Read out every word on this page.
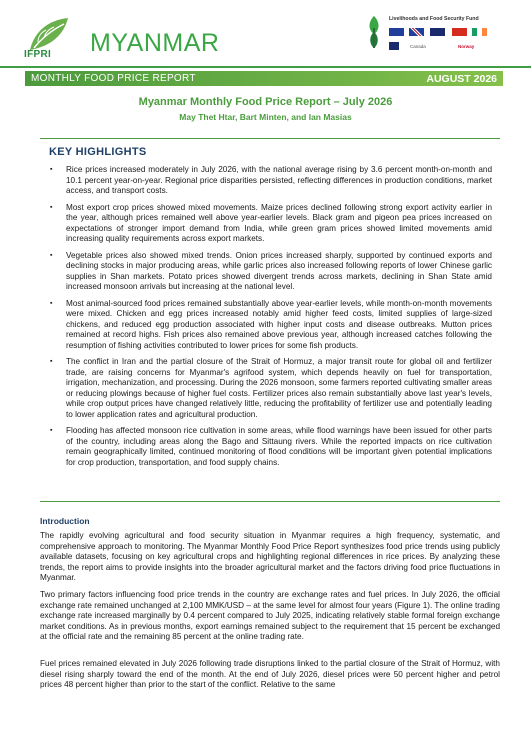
IFPRI MYANMAR
Livelihoods and Food Security Fund
Canada	Norway
MONTHLY FOOD PRICE REPORT	AUGUST 2026
Myanmar Monthly Food Price Report – July 2026
May Thet Htar, Bart Minten, and Ian Masias
KEY HIGHLIGHTS
▪ Rice prices increased moderately in July 2026, with the national average rising by 3.6 percent month-on-month and 10.1 percent year-on-year. Regional price disparities persisted, reflecting differences in production conditions, market access, and transport costs.
▪ Most export crop prices showed mixed movements. Maize prices declined following strong export activity earlier in the year, although prices remained well above year-earlier levels. Black gram and pigeon pea prices increased on expectations of stronger import demand from India, while green gram prices showed limited movements amid increasing quality requirements across export markets.
▪ Vegetable prices also showed mixed trends. Onion prices increased sharply, supported by continued exports and declining stocks in major producing areas, while garlic prices also increased following reports of lower Chinese garlic supplies in Shan markets. Potato prices showed divergent trends across markets, declining in Shan State amid increased monsoon arrivals but increasing at the national level.
▪ Most animal-sourced food prices remained substantially above year-earlier levels, while month-on-month movements were mixed. Chicken and egg prices increased notably amid higher feed costs, limited supplies of large-sized chickens, and reduced egg production associated with higher input costs and disease outbreaks. Mutton prices remained at record highs. Fish prices also remained above previous year, although increased catches following the resumption of fishing activities contributed to lower prices for some fish products.
▪ The conflict in Iran and the partial closure of the Strait of Hormuz, a major transit route for global oil and fertilizer trade, are raising concerns for Myanmar's agrifood system, which depends heavily on fuel for transportation, irrigation, mechanization, and processing. During the 2026 monsoon, some farmers reported cultivating smaller areas or reducing plowings because of higher fuel costs. Fertilizer prices also remain substantially above last year's levels, while crop output prices have changed relatively little, reducing the profitability of fertilizer use and potentially leading to lower application rates and agricultural production.
▪ Flooding has affected monsoon rice cultivation in some areas, while flood warnings have been issued for other parts of the country, including areas along the Bago and Sittaung rivers. While the reported impacts on rice cultivation remain geographically limited, continued monitoring of flood conditions will be important given potential implications for crop production, transportation, and food supply chains.
Introduction

The rapidly evolving agricultural and food security situation in Myanmar requires a high frequency, systematic, and comprehensive approach to monitoring. The Myanmar Monthly Food Price Report synthesizes food price trends using publicly available datasets, focusing on key agricultural crops and highlighting regional differences in rice prices. By analyzing these trends, the report aims to provide insights into the broader agricultural market and the factors driving food price fluctuations in Myanmar.

Two primary factors influencing food price trends in the country are exchange rates and fuel prices. In July 2026, the official exchange rate remained unchanged at 2,100 MMK/USD – at the same level for almost four years (Figure 1). The online trading exchange rate increased marginally by 0.4 percent compared to July 2025, indicating relatively stable formal foreign exchange market conditions. As in previous months, export earnings remained subject to the requirement that 15 percent be exchanged at the official rate and the remaining 85 percent at the online trading rate.

Fuel prices remained elevated in July 2026 following trade disruptions linked to the partial closure of the Strait of Hormuz, with diesel rising sharply toward the end of the month. At the end of July 2026, diesel prices were 50 percent higher and petrol prices 48 percent higher than prior to the start of the conflict. Relative to the same
